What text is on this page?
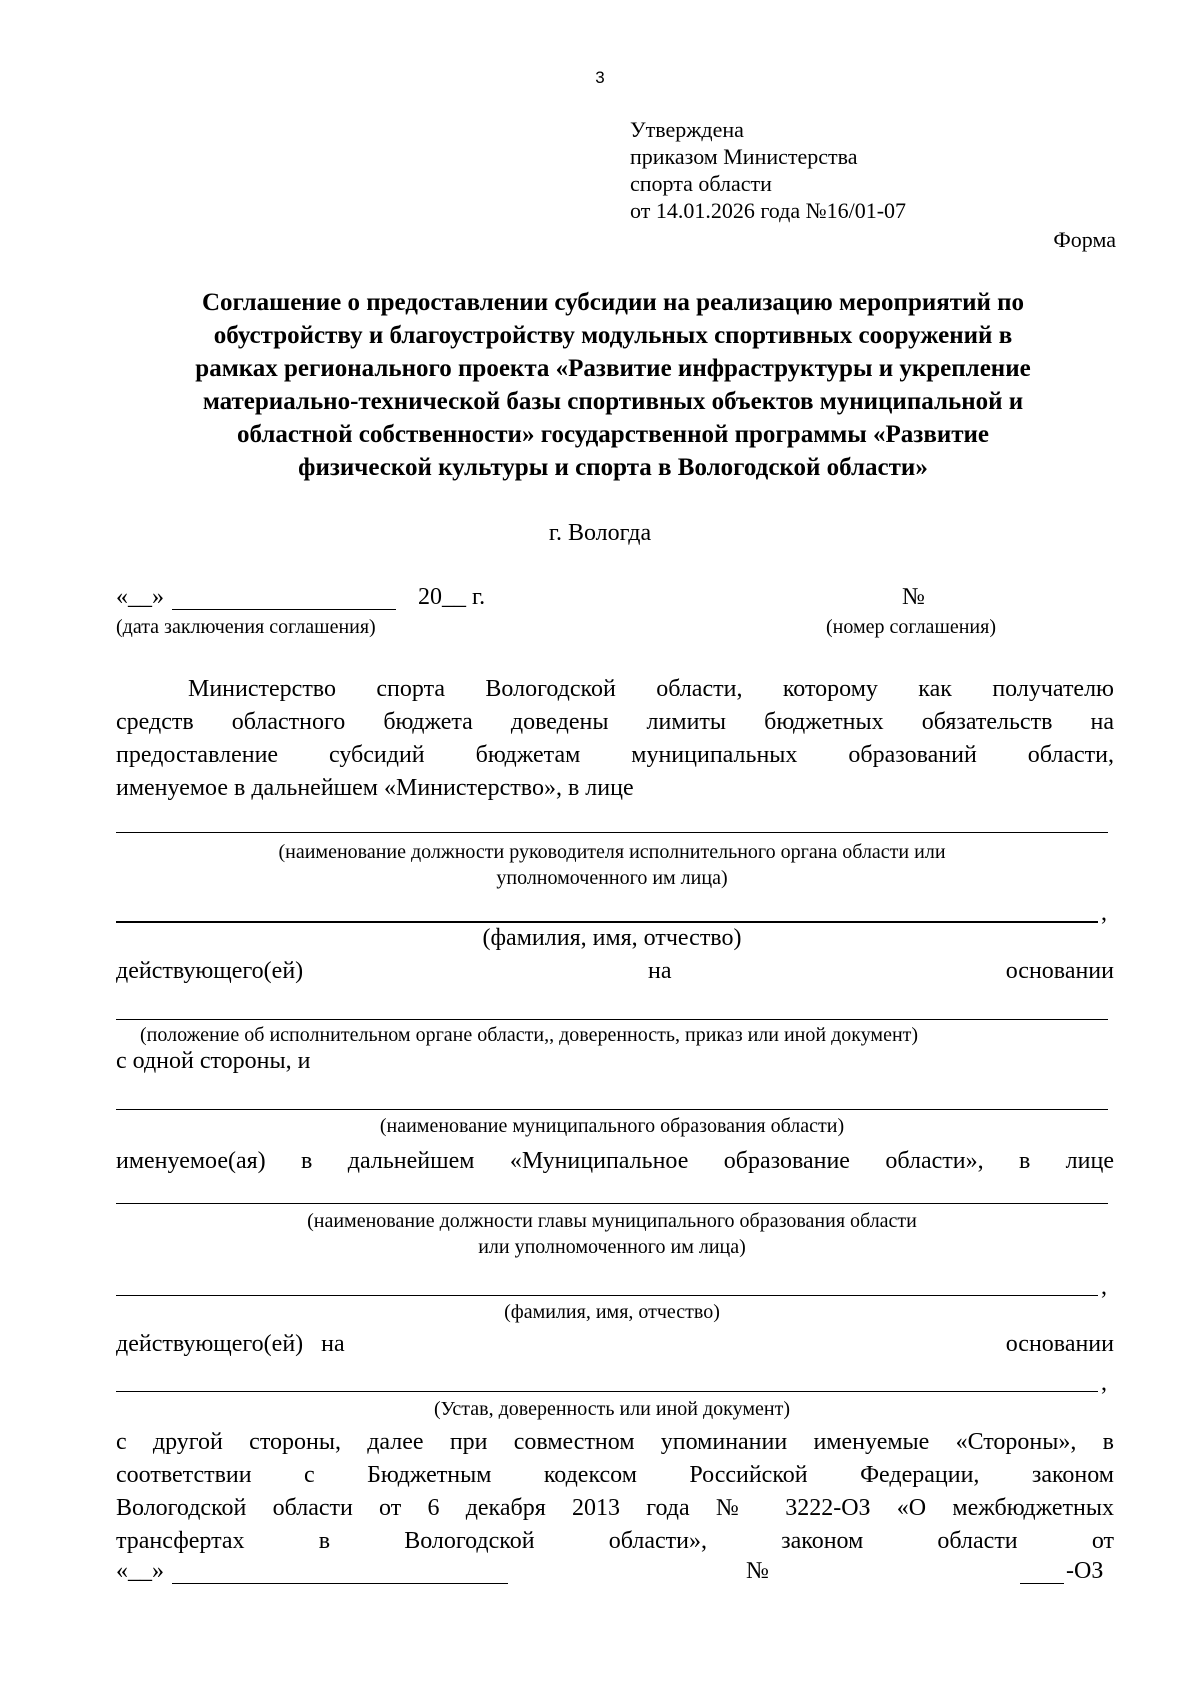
3
Утверждена
приказом Министерства
спорта области
от 14.01.2026 года №16/01-07
Форма
Соглашение о предоставлении субсидии на реализацию мероприятий по
обустройству и благоустройству модульных спортивных сооружений в
рамках регионального проекта «Развитие инфраструктуры и укрепление
материально-технической базы спортивных объектов муниципальной и
областной собственности» государственной программы «Развитие
физической культуры и спорта в Вологодской области»
г. Вологда
«__»	20__ г.
(дата заключения соглашения)
№
(номер соглашения)
Министерство спорта Вологодской области, которому как получателю
средств областного бюджета доведены лимиты бюджетных обязательств на
предоставление субсидий бюджетам муниципальных образований области,
именуемое в дальнейшем «Министерство», в лице
(наименование должности руководителя исполнительного органа области или
уполномоченного им лица)
,
(фамилия, имя, отчество)
действующего(ей)	на	основании
(положение об исполнительном органе области,, доверенность, приказ или иной документ)
с одной стороны, и
(наименование муниципального образования области)
именуемое(ая) в дальнейшем «Муниципальное образование области», в лице
(наименование должности главы муниципального образования области
или уполномоченного им лица)
,
(фамилия, имя, отчество)
действующего(ей)   на	основании
,
(Устав, доверенность или иной документ)
с другой стороны, далее при совместном упоминании именуемые «Стороны», в
соответствии с Бюджетным кодексом Российской Федерации, законом
Вологодской области от 6 декабря 2013 года № 3222-ОЗ «О межбюджетных
трансфертах в Вологодской области», законом области от
«__»	№	-ОЗ
